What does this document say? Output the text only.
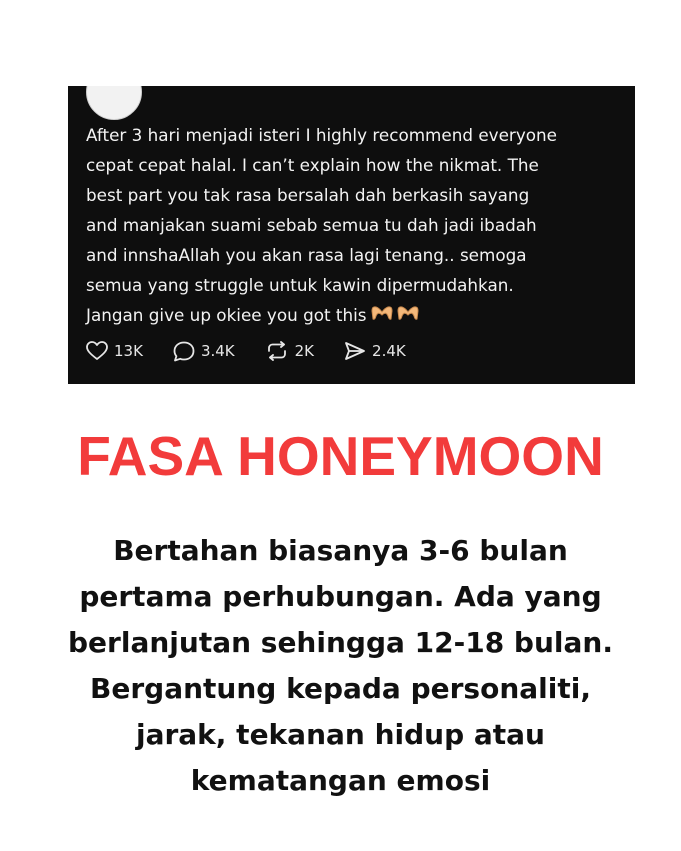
After 3 hari menjadi isteri I highly recommend everyone
cepat cepat halal. I can’t explain how the nikmat. The
best part you tak rasa bersalah dah berkasih sayang
and manjakan suami sebab semua tu dah jadi ibadah
and innshaAllah you akan rasa lagi tenang.. semoga
semua yang struggle untuk kawin dipermudahkan.
Jangan give up okiee you got this

13K	3.4K	2K	2.4K
FASA HONEYMOON

Bertahan biasanya 3-6 bulan
pertama perhubungan. Ada yang
berlanjutan sehingga 12-18 bulan.
Bergantung kepada personaliti,
jarak, tekanan hidup atau
kematangan emosi
